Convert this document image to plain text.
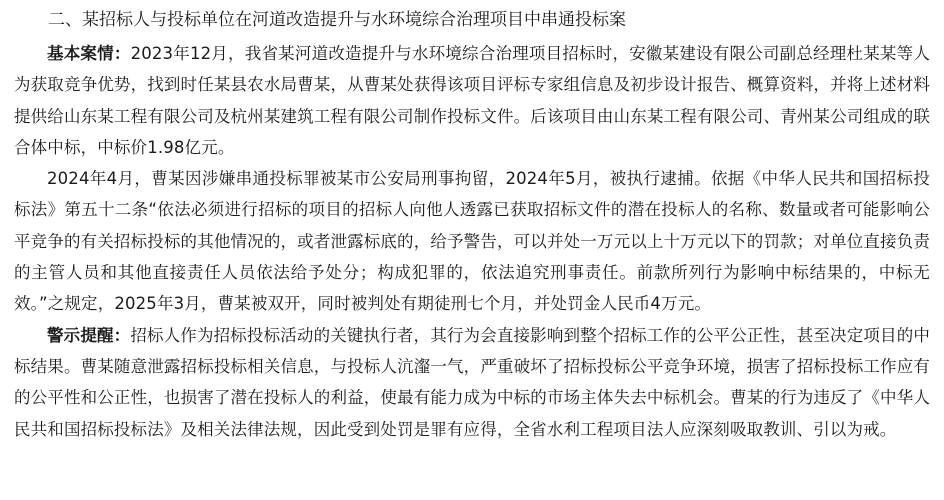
二、某招标人与投标单位在河道改造提升与水环境综合治理项目中串通投标案

基本案情：2023年12月，我省某河道改造提升与水环境综合治理项目招标时，安徽某建设有限公司副总经理杜某某等人为获取竞争优势，找到时任某县农水局曹某，从曹某处获得该项目评标专家组信息及初步设计报告、概算资料，并将上述材料提供给山东某工程有限公司及杭州某建筑工程有限公司制作投标文件。后该项目由山东某工程有限公司、青州某公司组成的联合体中标，中标价1.98亿元。

2024年4月，曹某因涉嫌串通投标罪被某市公安局刑事拘留，2024年5月，被执行逮捕。依据《中华人民共和国招标投标法》第五十二条“依法必须进行招标的项目的招标人向他人透露已获取招标文件的潜在投标人的名称、数量或者可能影响公平竞争的有关招标投标的其他情况的，或者泄露标底的，给予警告，可以并处一万元以上十万元以下的罚款；对单位直接负责的主管人员和其他直接责任人员依法给予处分；构成犯罪的，依法追究刑事责任。前款所列行为影响中标结果的，中标无效。”之规定，2025年3月，曹某被双开，同时被判处有期徒刑七个月，并处罚金人民币4万元。

警示提醒：招标人作为招标投标活动的关键执行者，其行为会直接影响到整个招标工作的公平公正性，甚至决定项目的中标结果。曹某随意泄露招标投标相关信息，与投标人沆瀣一气，严重破坏了招标投标公平竞争环境，损害了招标投标工作应有的公平性和公正性，也损害了潜在投标人的利益，使最有能力成为中标的市场主体失去中标机会。曹某的行为违反了《中华人民共和国招标投标法》及相关法律法规，因此受到处罚是罪有应得，全省水利工程项目法人应深刻吸取教训、引以为戒。
